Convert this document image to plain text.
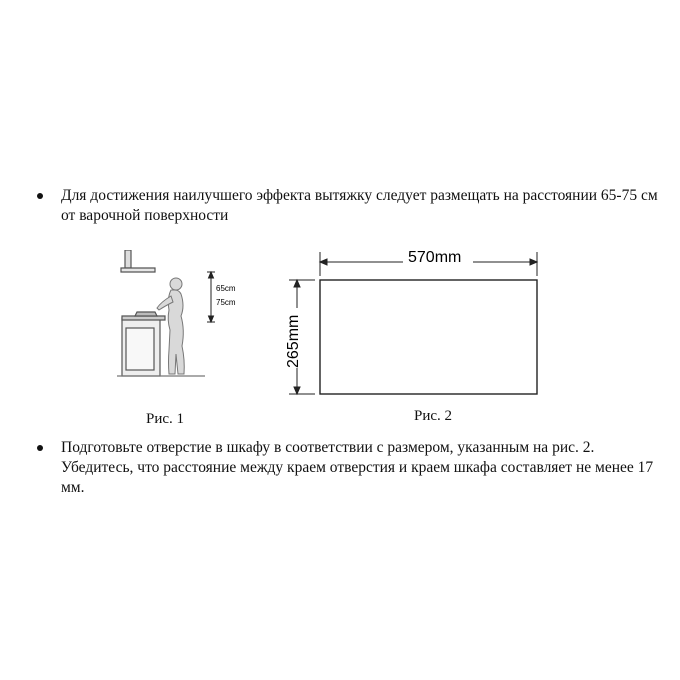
Для достижения наилучшего эффекта вытяжку следует размещать на расстоянии 65-75 см от варочной поверхности
65cm
75cm
570mm
265mm
Рис. 1	Рис. 2
Подготовьте отверстие в шкафу в соответствии с размером, указанным на рис. 2. Убедитесь, что расстояние между краем отверстия и краем шкафа составляет не менее 17 мм.
